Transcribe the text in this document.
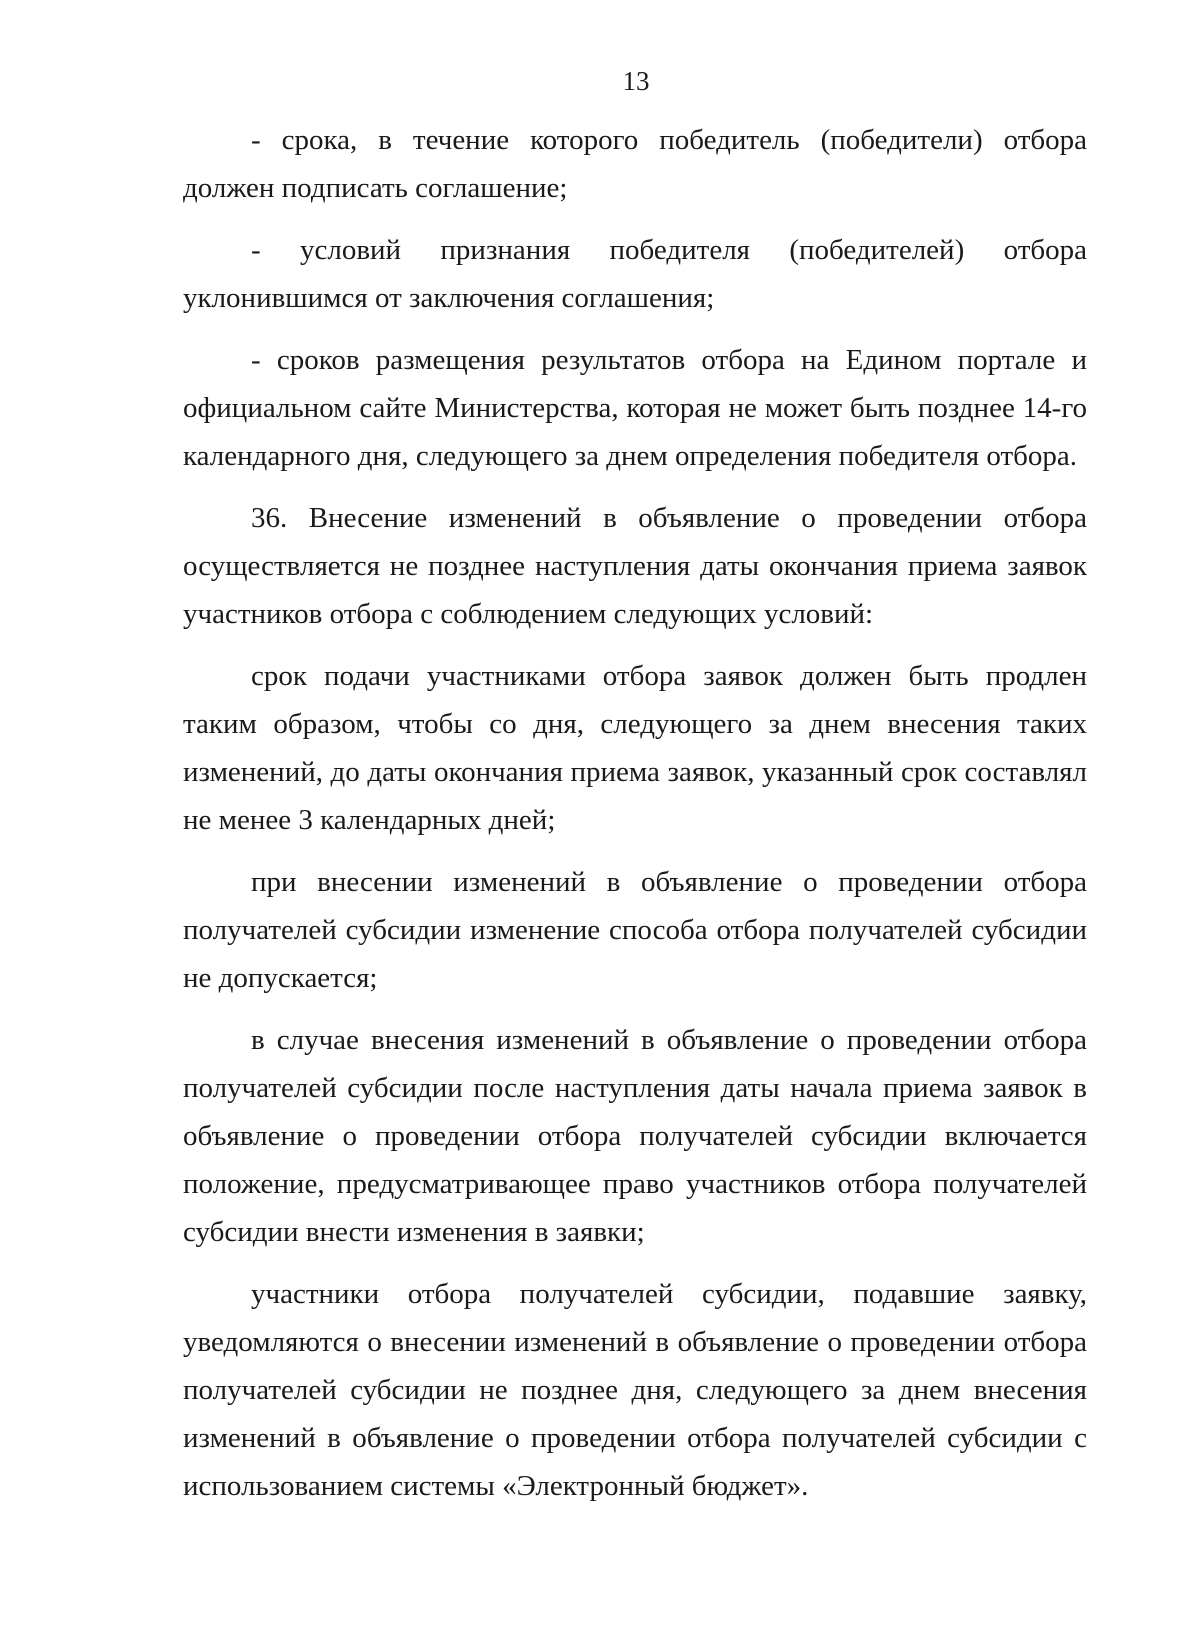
13

- срока, в течение которого победитель (победители) отбора должен подписать соглашение;

- условий признания победителя (победителей) отбора уклонившимся от заключения соглашения;

- сроков размещения результатов отбора на Едином портале и официальном сайте Министерства, которая не может быть позднее 14-го календарного дня, следующего за днем определения победителя отбора.

36. Внесение изменений в объявление о проведении отбора осуществляется не позднее наступления даты окончания приема заявок участников отбора с соблюдением следующих условий:

срок подачи участниками отбора заявок должен быть продлен таким образом, чтобы со дня, следующего за днем внесения таких изменений, до даты окончания приема заявок, указанный срок составлял не менее 3 календарных дней;

при внесении изменений в объявление о проведении отбора получателей субсидии изменение способа отбора получателей субсидии не допускается;

в случае внесения изменений в объявление о проведении отбора получателей субсидии после наступления даты начала приема заявок в объявление о проведении отбора получателей субсидии включается положение, предусматривающее право участников отбора получателей субсидии внести изменения в заявки;

участники отбора получателей субсидии, подавшие заявку, уведомляются о внесении изменений в объявление о проведении отбора получателей субсидии не позднее дня, следующего за днем внесения изменений в объявление о проведении отбора получателей субсидии с использованием системы «Электронный бюджет».
